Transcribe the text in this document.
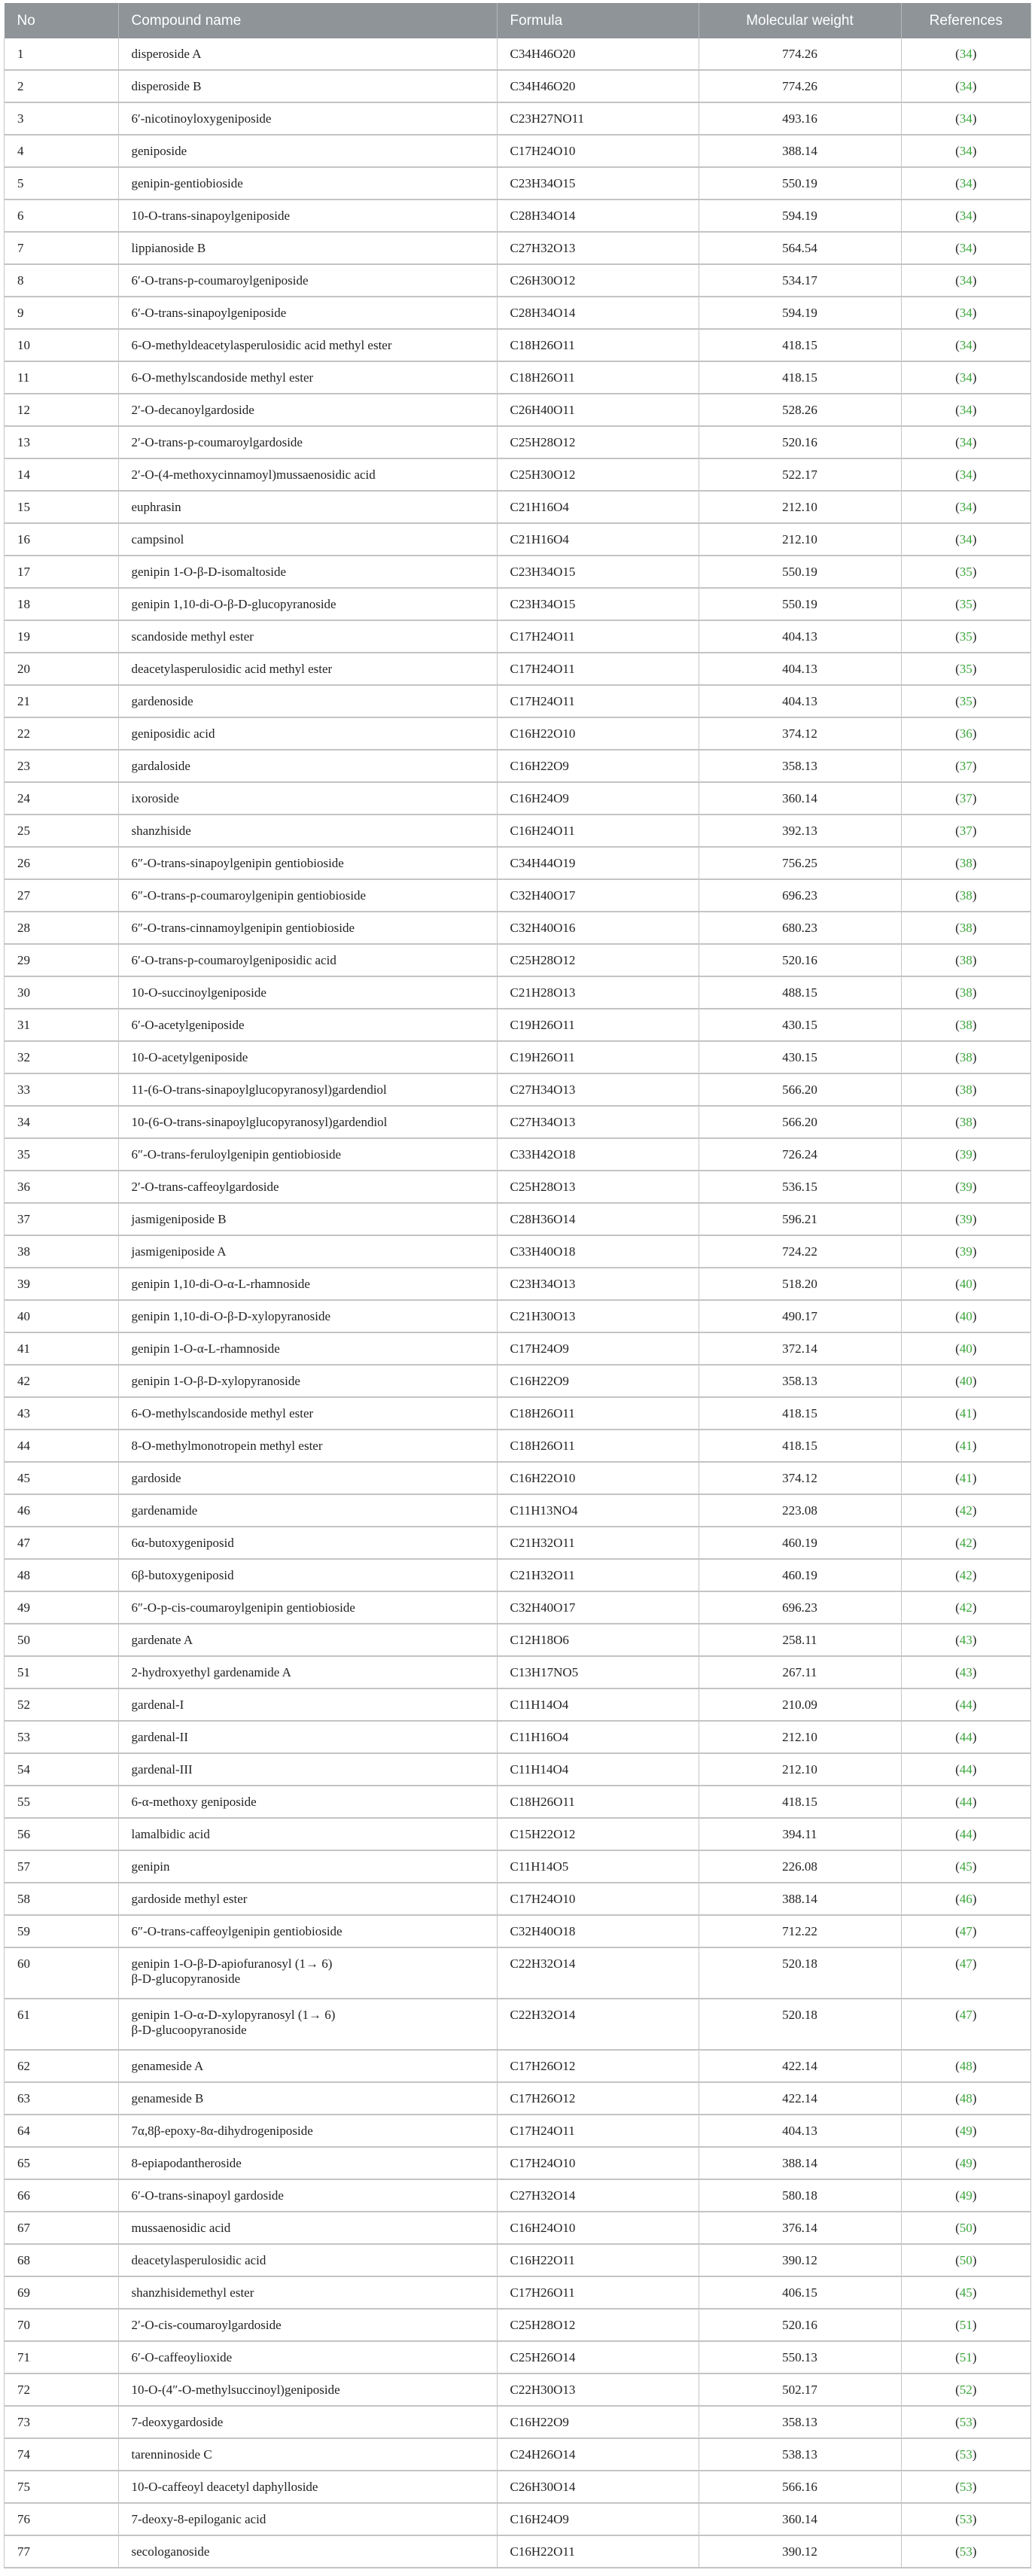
No	Compound name	Formula	Molecular weight	References
1	disperoside A	C34H46O20	774.26	( 34 )
2	disperoside B	C34H46O20	774.26	( 34 )
3	6′-nicotinoyloxygeniposide	C23H27NO11	493.16	( 34 )
4	geniposide	C17H24O10	388.14	( 34 )
5	genipin-gentiobioside	C23H34O15	550.19	( 34 )
6	10-O-trans-sinapoylgeniposide	C28H34O14	594.19	( 34 )
7	lippianoside B	C27H32O13	564.54	( 34 )
8	6′-O-trans-p-coumaroylgeniposide	C26H30O12	534.17	( 34 )
9	6′-O-trans-sinapoylgeniposide	C28H34O14	594.19	( 34 )
10	6-O-methyldeacetylasperulosidic acid methyl ester	C18H26O11	418.15	( 34 )
11	6-O-methylscandoside methyl ester	C18H26O11	418.15	( 34 )
12	2′-O-decanoylgardoside	C26H40O11	528.26	( 34 )
13	2′-O-trans-p-coumaroylgardoside	C25H28O12	520.16	( 34 )
14	2′-O-(4-methoxycinnamoyl)mussaenosidic acid	C25H30O12	522.17	( 34 )
15	euphrasin	C21H16O4	212.10	( 34 )
16	campsinol	C21H16O4	212.10	( 34 )
17	genipin 1-O-β-D-isomaltoside	C23H34O15	550.19	( 35 )
18	genipin 1,10-di-O-β-D-glucopyranoside	C23H34O15	550.19	( 35 )
19	scandoside methyl ester	C17H24O11	404.13	( 35 )
20	deacetylasperulosidic acid methyl ester	C17H24O11	404.13	( 35 )
21	gardenoside	C17H24O11	404.13	( 35 )
22	geniposidic acid	C16H22O10	374.12	( 36 )
23	gardaloside	C16H22O9	358.13	( 37 )
24	ixoroside	C16H24O9	360.14	( 37 )
25	shanzhiside	C16H24O11	392.13	( 37 )
26	6″-O-trans-sinapoylgenipin gentiobioside	C34H44O19	756.25	( 38 )
27	6″-O-trans-p-coumaroylgenipin gentiobioside	C32H40O17	696.23	( 38 )
28	6″-O-trans-cinnamoylgenipin gentiobioside	C32H40O16	680.23	( 38 )
29	6′-O-trans-p-coumaroylgeniposidic acid	C25H28O12	520.16	( 38 )
30	10-O-succinoylgeniposide	C21H28O13	488.15	( 38 )
31	6′-O-acetylgeniposide	C19H26O11	430.15	( 38 )
32	10-O-acetylgeniposide	C19H26O11	430.15	( 38 )
33	11-(6-O-trans-sinapoylglucopyranosyl)gardendiol	C27H34O13	566.20	( 38 )
34	10-(6-O-trans-sinapoylglucopyranosyl)gardendiol	C27H34O13	566.20	( 38 )
35	6″-O-trans-feruloylgenipin gentiobioside	C33H42O18	726.24	( 39 )
36	2′-O-trans-caffeoylgardoside	C25H28O13	536.15	( 39 )
37	jasmigeniposide B	C28H36O14	596.21	( 39 )
38	jasmigeniposide A	C33H40O18	724.22	( 39 )
39	genipin 1,10-di-O-α-L-rhamnoside	C23H34O13	518.20	( 40 )
40	genipin 1,10-di-O-β-D-xylopyranoside	C21H30O13	490.17	( 40 )
41	genipin 1-O-α-L-rhamnoside	C17H24O9	372.14	( 40 )
42	genipin 1-O-β-D-xylopyranoside	C16H22O9	358.13	( 40 )
43	6-O-methylscandoside methyl ester	C18H26O11	418.15	( 41 )
44	8-O-methylmonotropein methyl ester	C18H26O11	418.15	( 41 )
45	gardoside	C16H22O10	374.12	( 41 )
46	gardenamide	C11H13NO4	223.08	( 42 )
47	6α-butoxygeniposid	C21H32O11	460.19	( 42 )
48	6β-butoxygeniposid	C21H32O11	460.19	( 42 )
49	6″-O-p-cis-coumaroylgenipin gentiobioside	C32H40O17	696.23	( 42 )
50	gardenate A	C12H18O6	258.11	( 43 )
51	2-hydroxyethyl gardenamide A	C13H17NO5	267.11	( 43 )
52	gardenal-I	C11H14O4	210.09	( 44 )
53	gardenal-II	C11H16O4	212.10	( 44 )
54	gardenal-III	C11H14O4	212.10	( 44 )
55	6-α-methoxy geniposide	C18H26O11	418.15	( 44 )
56	lamalbidic acid	C15H22O12	394.11	( 44 )
57	genipin	C11H14O5	226.08	( 45 )
58	gardoside methyl ester	C17H24O10	388.14	( 46 )
59	6″-O-trans-caffeoylgenipin gentiobioside	C32H40O18	712.22	( 47 )
60	genipin 1-O-β-D-apiofuranosyl (1→ 6)
β-D-glucopyranoside	C22H32O14	520.18	( 47 )
61	genipin 1-O-α-D-xylopyranosyl (1→ 6)
β-D-glucoopyranoside	C22H32O14	520.18	( 47 )
62	genameside A	C17H26O12	422.14	( 48 )
63	genameside B	C17H26O12	422.14	( 48 )
64	7α,8β-epoxy-8α-dihydrogeniposide	C17H24O11	404.13	( 49 )
65	8-epiapodantheroside	C17H24O10	388.14	( 49 )
66	6′-O-trans-sinapoyl gardoside	C27H32O14	580.18	( 49 )
67	mussaenosidic acid	C16H24O10	376.14	( 50 )
68	deacetylasperulosidic acid	C16H22O11	390.12	( 50 )
69	shanzhisidemethyl ester	C17H26O11	406.15	( 45 )
70	2′-O-cis-coumaroylgardoside	C25H28O12	520.16	( 51 )
71	6′-O-caffeoylioxide	C25H26O14	550.13	( 51 )
72	10-O-(4″-O-methylsuccinoyl)geniposide	C22H30O13	502.17	( 52 )
73	7-deoxygardoside	C16H22O9	358.13	( 53 )
74	tarenninoside C	C24H26O14	538.13	( 53 )
75	10-O-caffeoyl deacetyl daphylloside	C26H30O14	566.16	( 53 )
76	7-deoxy-8-epiloganic acid	C16H24O9	360.14	( 53 )
77	secologanoside	C16H22O11	390.12	( 53 )
